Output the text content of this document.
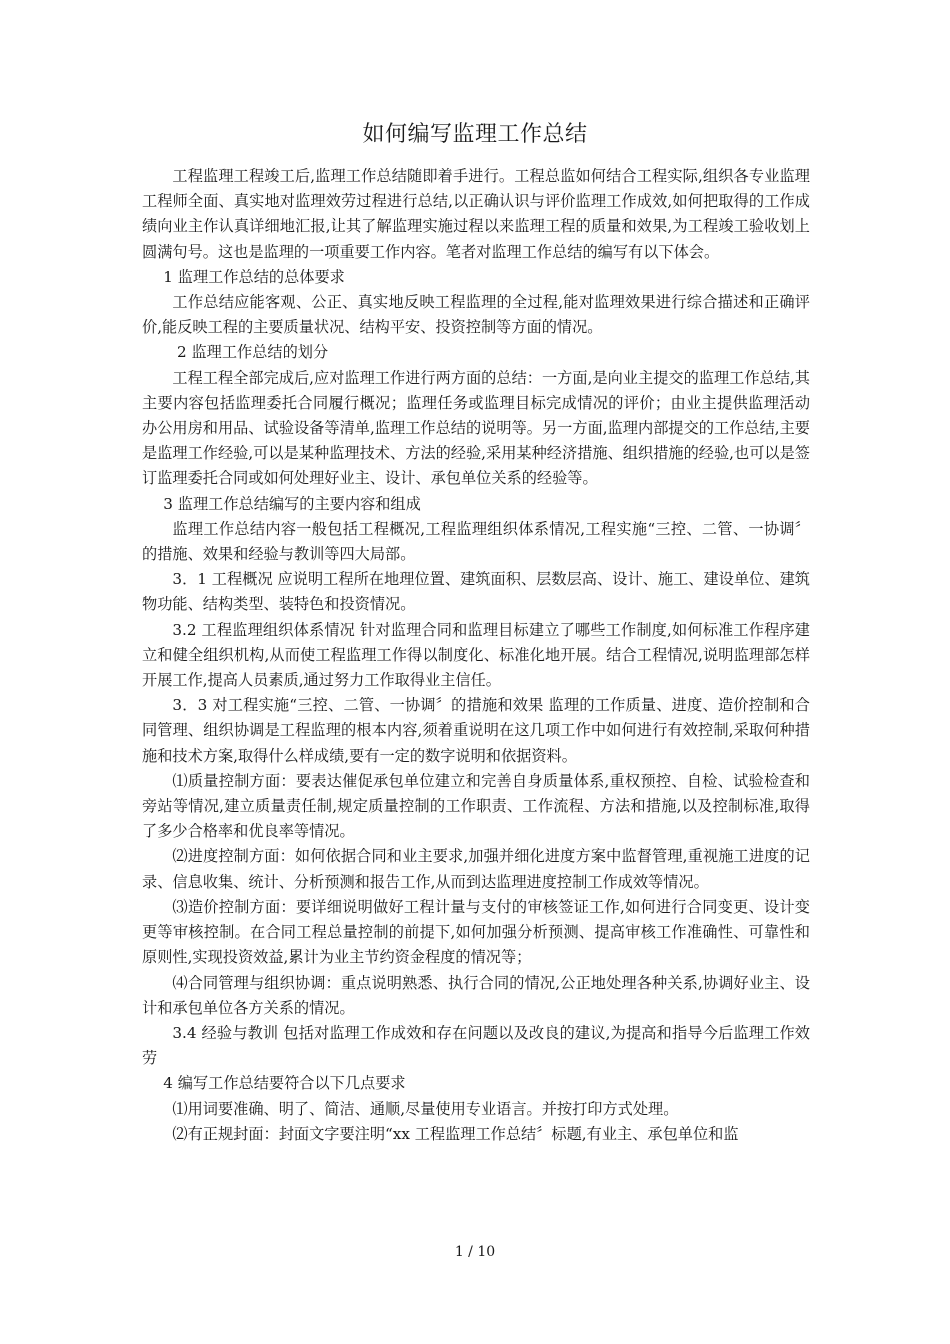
如何编写监理工作总结

工程监理工程竣工后,监理工作总结随即着手进行。工程总监如何结合工程实际,组织各专业监理工程师全面、真实地对监理效劳过程进行总结,以正确认识与评价监理工作成效,如何把取得的工作成绩向业主作认真详细地汇报,让其了解监理实施过程以来监理工程的质量和效果,为工程竣工验收划上圆满句号。这也是监理的一项重要工作内容。笔者对监理工作总结的编写有以下体会。

1 监理工作总结的总体要求

工作总结应能客观、公正、真实地反映工程监理的全过程,能对监理效果进行综合描述和正确评价,能反映工程的主要质量状况、结构平安、投资控制等方面的情况。

2 监理工作总结的划分

工程工程全部完成后,应对监理工作进行两方面的总结：一方面,是向业主提交的监理工作总结,其主要内容包括监理委托合同履行概况；监理任务或监理目标完成情况的评价；由业主提供监理活动办公用房和用品、试验设备等清单,监理工作总结的说明等。另一方面,监理内部提交的工作总结,主要是监理工作经验,可以是某种监理技术、方法的经验,采用某种经济措施、组织措施的经验,也可以是签订监理委托合同或如何处理好业主、设计、承包单位关系的经验等。

3 监理工作总结编写的主要内容和组成

监理工作总结内容一般包括工程概况,工程监理组织体系情况,工程实施“三控、二管、一协调〞的措施、效果和经验与教训等四大局部。

3．1 工程概况 应说明工程所在地理位置、建筑面积、层数层高、设计、施工、建设单位、建筑物功能、结构类型、装特色和投资情况。

3.2 工程监理组织体系情况 针对监理合同和监理目标建立了哪些工作制度,如何标准工作程序建立和健全组织机构,从而使工程监理工作得以制度化、标准化地开展。结合工程情况,说明监理部怎样开展工作,提高人员素质,通过努力工作取得业主信任。

3．3 对工程实施“三控、二管、一协调〞的措施和效果 监理的工作质量、进度、造价控制和合同管理、组织协调是工程监理的根本内容,须着重说明在这几项工作中如何进行有效控制,采取何种措施和技术方案,取得什么样成绩,要有一定的数字说明和依据资料。

⑴质量控制方面：要表达催促承包单位建立和完善自身质量体系,重权预控、自检、试验检查和旁站等情况,建立质量责任制,规定质量控制的工作职责、工作流程、方法和措施,以及控制标准,取得了多少合格率和优良率等情况。

⑵进度控制方面：如何依据合同和业主要求,加强并细化进度方案中监督管理,重视施工进度的记录、信息收集、统计、分析预测和报告工作,从而到达监理进度控制工作成效等情况。

⑶造价控制方面：要详细说明做好工程计量与支付的审核签证工作,如何进行合同变更、设计变更等审核控制。在合同工程总量控制的前提下,如何加强分析预测、提高审核工作准确性、可靠性和原则性,实现投资效益,累计为业主节约资金程度的情况等；

⑷合同管理与组织协调：重点说明熟悉、执行合同的情况,公正地处理各种关系,协调好业主、设计和承包单位各方关系的情况。

3.4 经验与教训 包括对监理工作成效和存在问题以及改良的建议,为提高和指导今后监理工作效劳

4 编写工作总结要符合以下几点要求

⑴用词要准确、明了、简洁、通顺,尽量使用专业语言。并按打印方式处理。

⑵有正规封面：封面文字要注明“xx 工程监理工作总结〞标题,有业主、承包单位和监

1 / 10
